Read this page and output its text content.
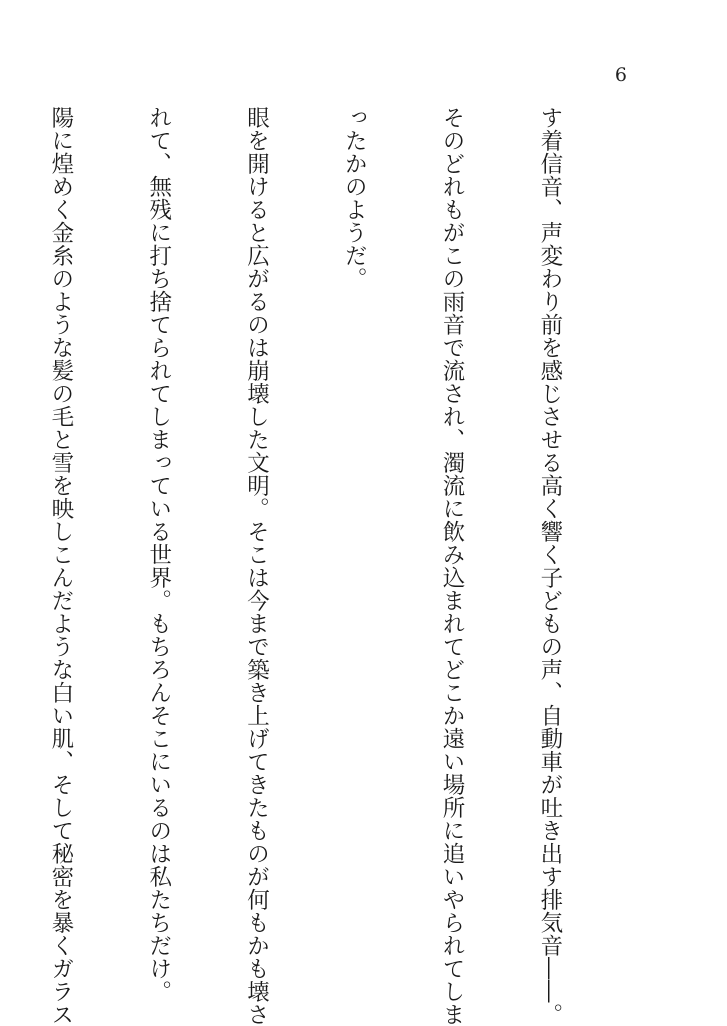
6

す着信音、声変わり前を感じさせる高く響く子どもの声、自動車が吐き出す排気音――。

そのどれもがこの雨音で流され、濁流に飲み込まれてどこか遠い場所に追いやられてしま

ったかのようだ。

眼を開けると広がるのは崩壊した文明。そこは今まで築き上げてきたものが何もかも壊さ

れて、無残に打ち捨てられてしまっている世界。もちろんそこにいるのは私たちだけ。

陽に煌めく金糸のような髪の毛と雪を映しこんだような白い肌、そして秘密を暴くガラス
